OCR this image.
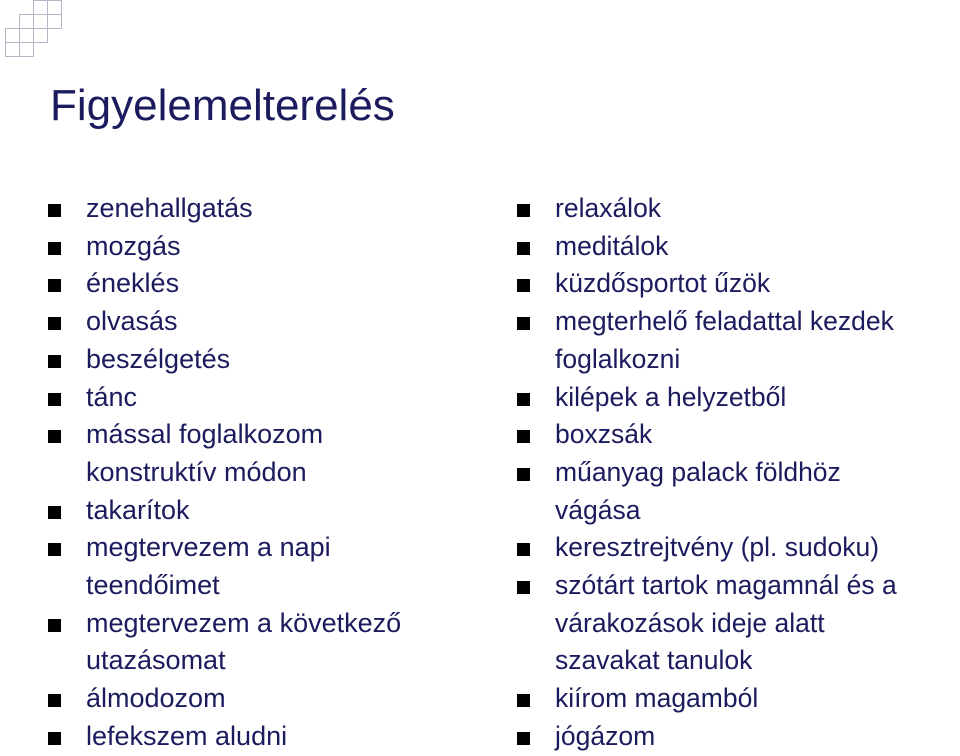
Figyelemelterelés
zenehallgatás
mozgás
éneklés
olvasás
beszélgetés
tánc
mással foglalkozom
konstruktív módon
takarítok
megtervezem a napi
teendőimet
megtervezem a következő
utazásomat
álmodozom
lefekszem aludni
relaxálok
meditálok
küzdősportot űzök
megterhelő feladattal kezdek
foglalkozni
kilépek a helyzetből
boxzsák
műanyag palack földhöz
vágása
keresztrejtvény (pl. sudoku)
szótárt tartok magamnál és a
várakozások ideje alatt
szavakat tanulok
kiírom magamból
jógázom
